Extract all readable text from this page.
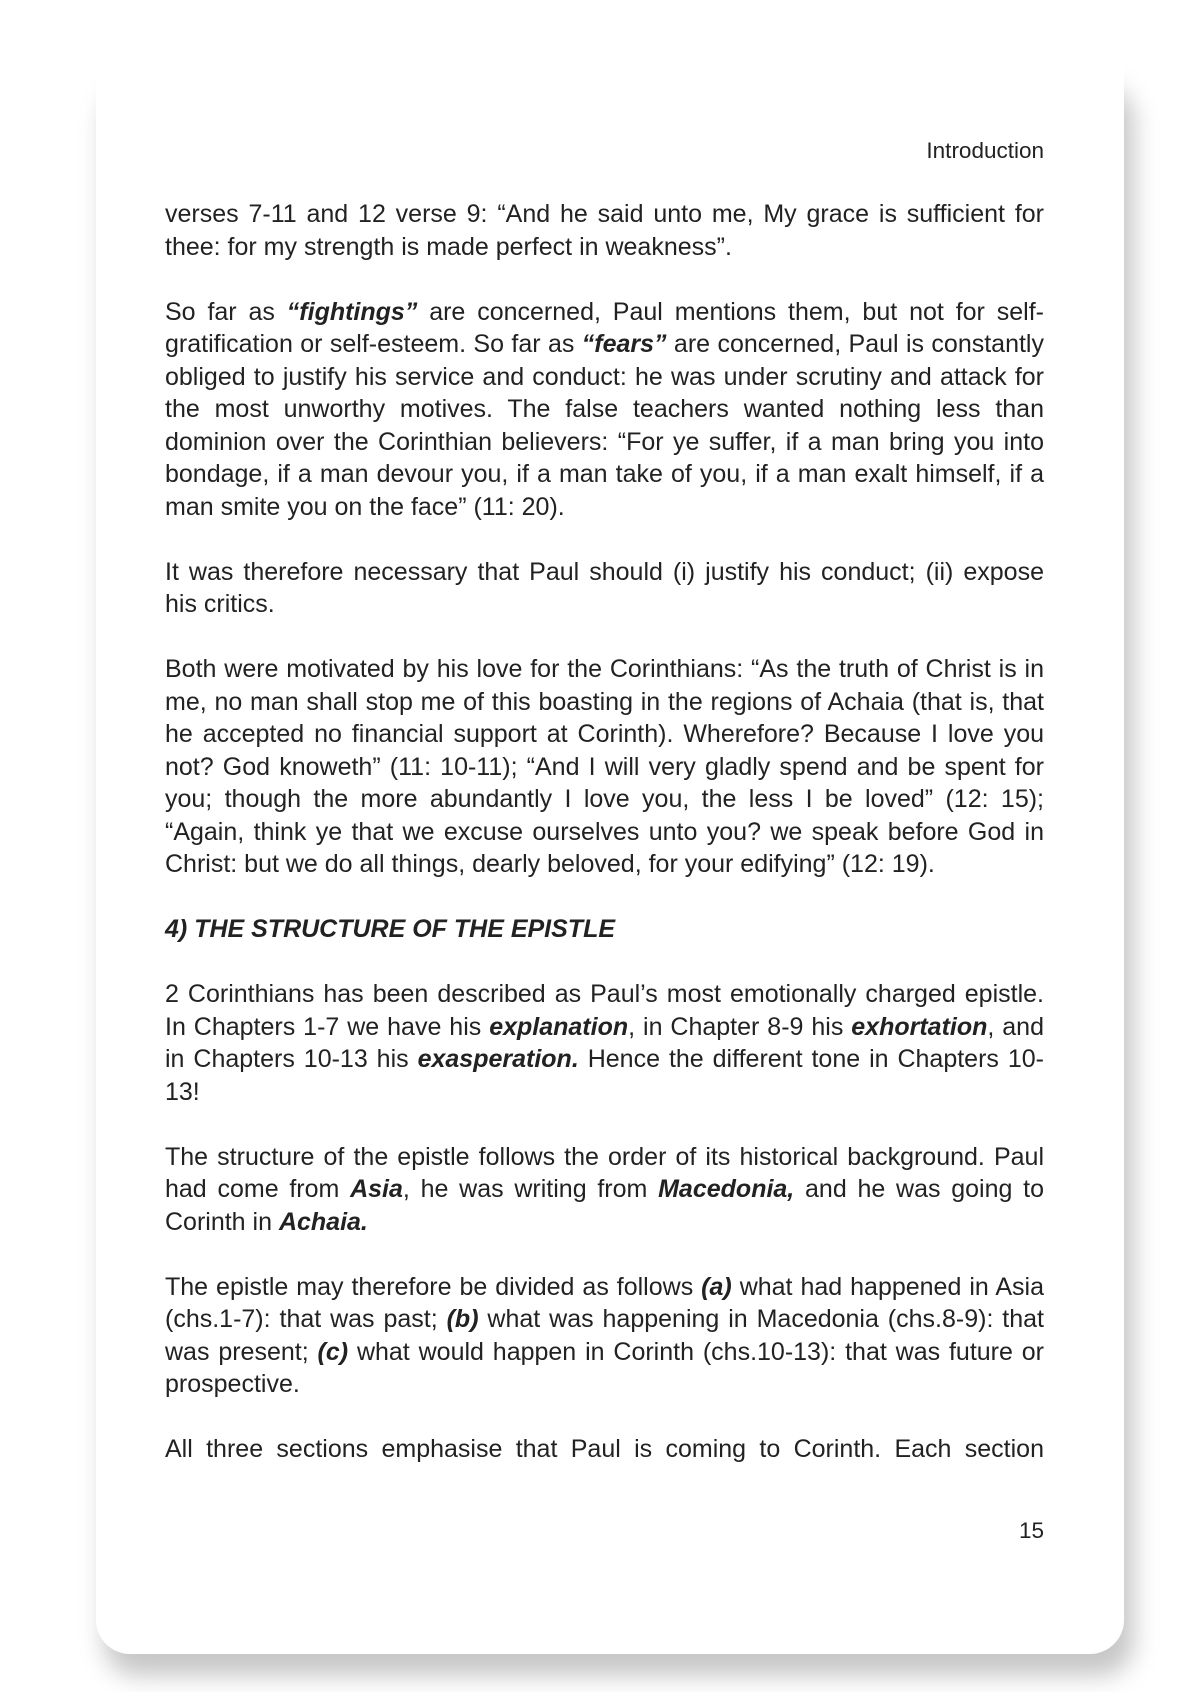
Introduction

verses 7-11 and 12 verse 9: “And he said unto me, My grace is sufficient for thee: for my strength is made perfect in weakness”.

So far as “fightings” are concerned, Paul mentions them, but not for self-gratification or self-esteem. So far as “fears” are concerned, Paul is constantly obliged to justify his service and conduct: he was under scrutiny and attack for the most unworthy motives. The false teachers wanted nothing less than dominion over the Corinthian believers: “For ye suffer, if a man bring you into bondage, if a man devour you, if a man take of you, if a man exalt himself, if a man smite you on the face” (11: 20).

It was therefore necessary that Paul should (i) justify his conduct; (ii) expose his critics.

Both were motivated by his love for the Corinthians: “As the truth of Christ is in me, no man shall stop me of this boasting in the regions of Achaia (that is, that he accepted no financial support at Corinth). Wherefore? Because I love you not? God knoweth” (11: 10-11); “And I will very gladly spend and be spent for you; though the more abundantly I love you, the less I be loved” (12: 15); “Again, think ye that we excuse ourselves unto you? we speak before God in Christ: but we do all things, dearly beloved, for your edifying” (12: 19).

4) THE STRUCTURE OF THE EPISTLE

2 Corinthians has been described as Paul’s most emotionally charged epistle. In Chapters 1-7 we have his explanation, in Chapter 8-9 his exhortation, and in Chapters 10-13 his exasperation. Hence the different tone in Chapters 10-13!

The structure of the epistle follows the order of its historical background. Paul had come from Asia, he was writing from Macedonia, and he was going to Corinth in Achaia.

The epistle may therefore be divided as follows (a) what had happened in Asia (chs.1-7): that was past; (b) what was happening in Macedonia (chs.8-9): that was present; (c) what would happen in Corinth (chs.10-13): that was future or prospective.

All three sections emphasise that Paul is coming to Corinth. Each section

15
